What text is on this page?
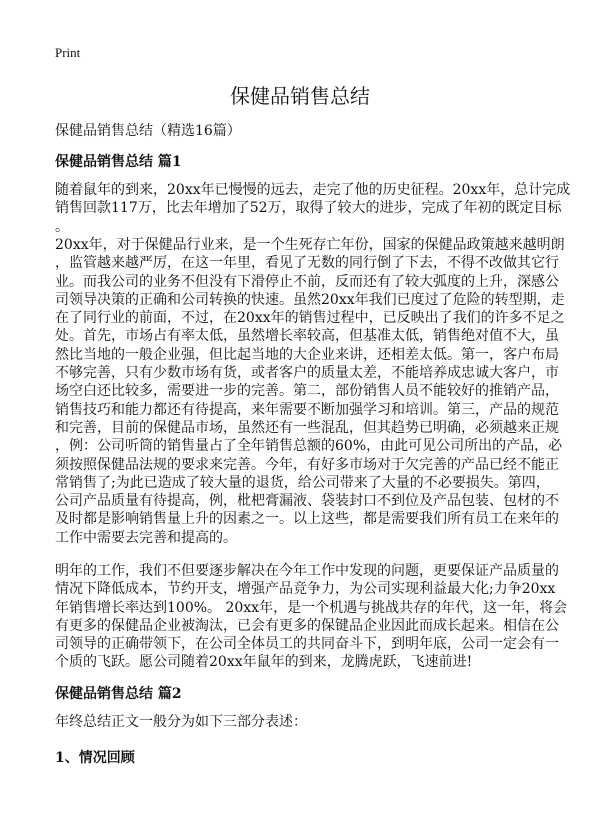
Print
保健品销售总结
保健品销售总结（精选16篇）
保健品销售总结 篇1
随着鼠年的到来，20xx年已慢慢的远去，走完了他的历史征程。20xx年，总计完成
销售回款117万，比去年增加了52万，取得了较大的进步，完成了年初的既定目标
。
20xx年，对于保健品行业来，是一个生死存亡年份，国家的保健品政策越来越明朗
，监管越来越严厉，在这一年里，看见了无数的同行倒了下去，不得不改做其它行
业。而我公司的业务不但没有下滑停止不前，反而还有了较大弧度的上升，深感公
司领导决策的正确和公司转换的快速。虽然20xx年我们已度过了危险的转型期，走
在了同行业的前面，不过，在20xx年的销售过程中，已反映出了我们的许多不足之
处。首先，市场占有率太低，虽然增长率较高，但基准太低，销售绝对值不大，虽
然比当地的一般企业强，但比起当地的大企业来讲，还相差太低。第一，客户布局
不够完善，只有少数市场有货，或者客户的质量太差，不能培养成忠诚大客户，市
场空白还比较多，需要进一步的完善。第二，部份销售人员不能较好的推销产品，
销售技巧和能力都还有待提高，来年需要不断加强学习和培训。第三，产品的规范
和完善，目前的保健品市场，虽然还有一些混乱，但其趋势已明确，必须越来正规
，例：公司听筒的销售量占了全年销售总额的60%，由此可见公司所出的产品，必
须按照保健品法规的要求来完善。今年，有好多市场对于欠完善的产品已经不能正
常销售了;为此已造成了较大量的退货，给公司带来了大量的不必要损失。第四，
公司产品质量有待提高，例，枇杷膏漏液、袋装封口不到位及产品包装、包材的不
及时都是影响销售量上升的因素之一。以上这些，都是需要我们所有员工在来年的
工作中需要去完善和提高的。
明年的工作，我们不但要逐步解决在今年工作中发现的问题，更要保证产品质量的
情况下降低成本，节约开支，增强产品竞争力，为公司实现利益最大化;力争20xx
年销售增长率达到100%。 20xx年，是一个机遇与挑战共存的年代，这一年，将会
有更多的保健品企业被淘汰，已会有更多的保键品企业因此而成长起来。相信在公
司领导的正确带领下，在公司全体员工的共同奋斗下，到明年底，公司一定会有一
个质的飞跃。愿公司随着20xx年鼠年的到来，龙腾虎跃，飞速前进!
保健品销售总结 篇2
年终总结正文一般分为如下三部分表述：
1、情况回顾
